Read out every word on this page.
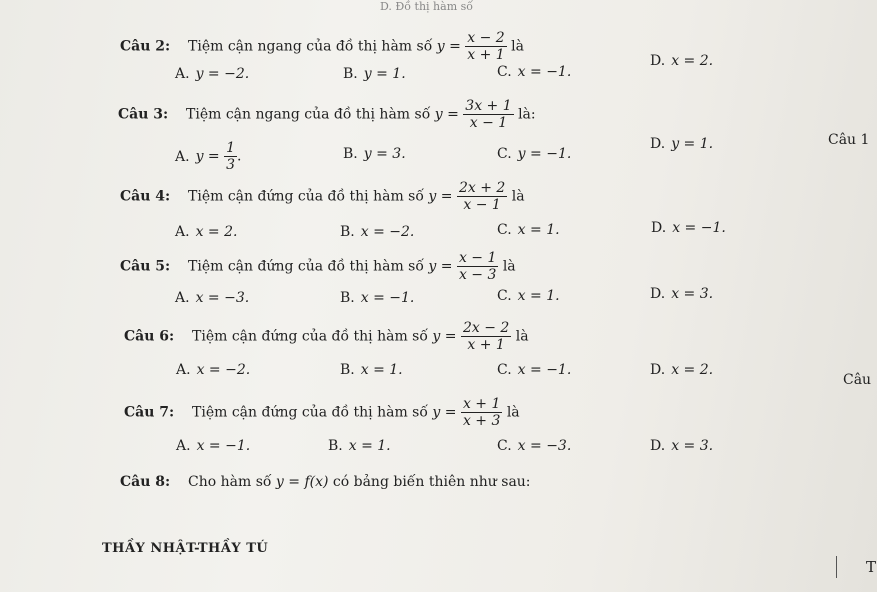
D. Đồ thị hàm số
Câu 2: Tiệm cận ngang của đồ thị hàm số $y = \frac{x - 2}{x + 1}$ là
A. y = −2.	B. y = 1.	C. x = −1.
D. x = 2.
Câu 3: Tiệm cận ngang của đồ thị hàm số $y = \frac{3x + 1}{x - 1}$ là:
A. $y = \frac{1}{3}$ .	B. y = 3.	C. y = −1.
D. y = 1.	Câu 1
Câu 4: Tiệm cận đứng của đồ thị hàm số $y = \frac{2x + 2}{x - 1}$ là
A. x = 2.	B. x = −2.	C. x = 1.	D. x = −1.
Câu 5: Tiệm cận đứng của đồ thị hàm số $y = \frac{x - 1}{x - 3}$ là
A. x = −3.	B. x = −1.	C. x = 1.	D. x = 3.
Câu 6: Tiệm cận đứng của đồ thị hàm số $y = \frac{2x - 2}{x + 1}$ là
A. x = −2.	B. x = 1.	C. x = −1.	D. x = 2.
Câu
Câu 7: Tiệm cận đứng của đồ thị hàm số $y = \frac{x + 1}{x + 3}$ là
A. x = −1.	B. x = 1.	C. x = −3.	D. x = 3.
Câu 8: Cho hàm số y = f(x) có bảng biến thiên như sau:
THẦY NHẬT-THẦY TÚ
T
